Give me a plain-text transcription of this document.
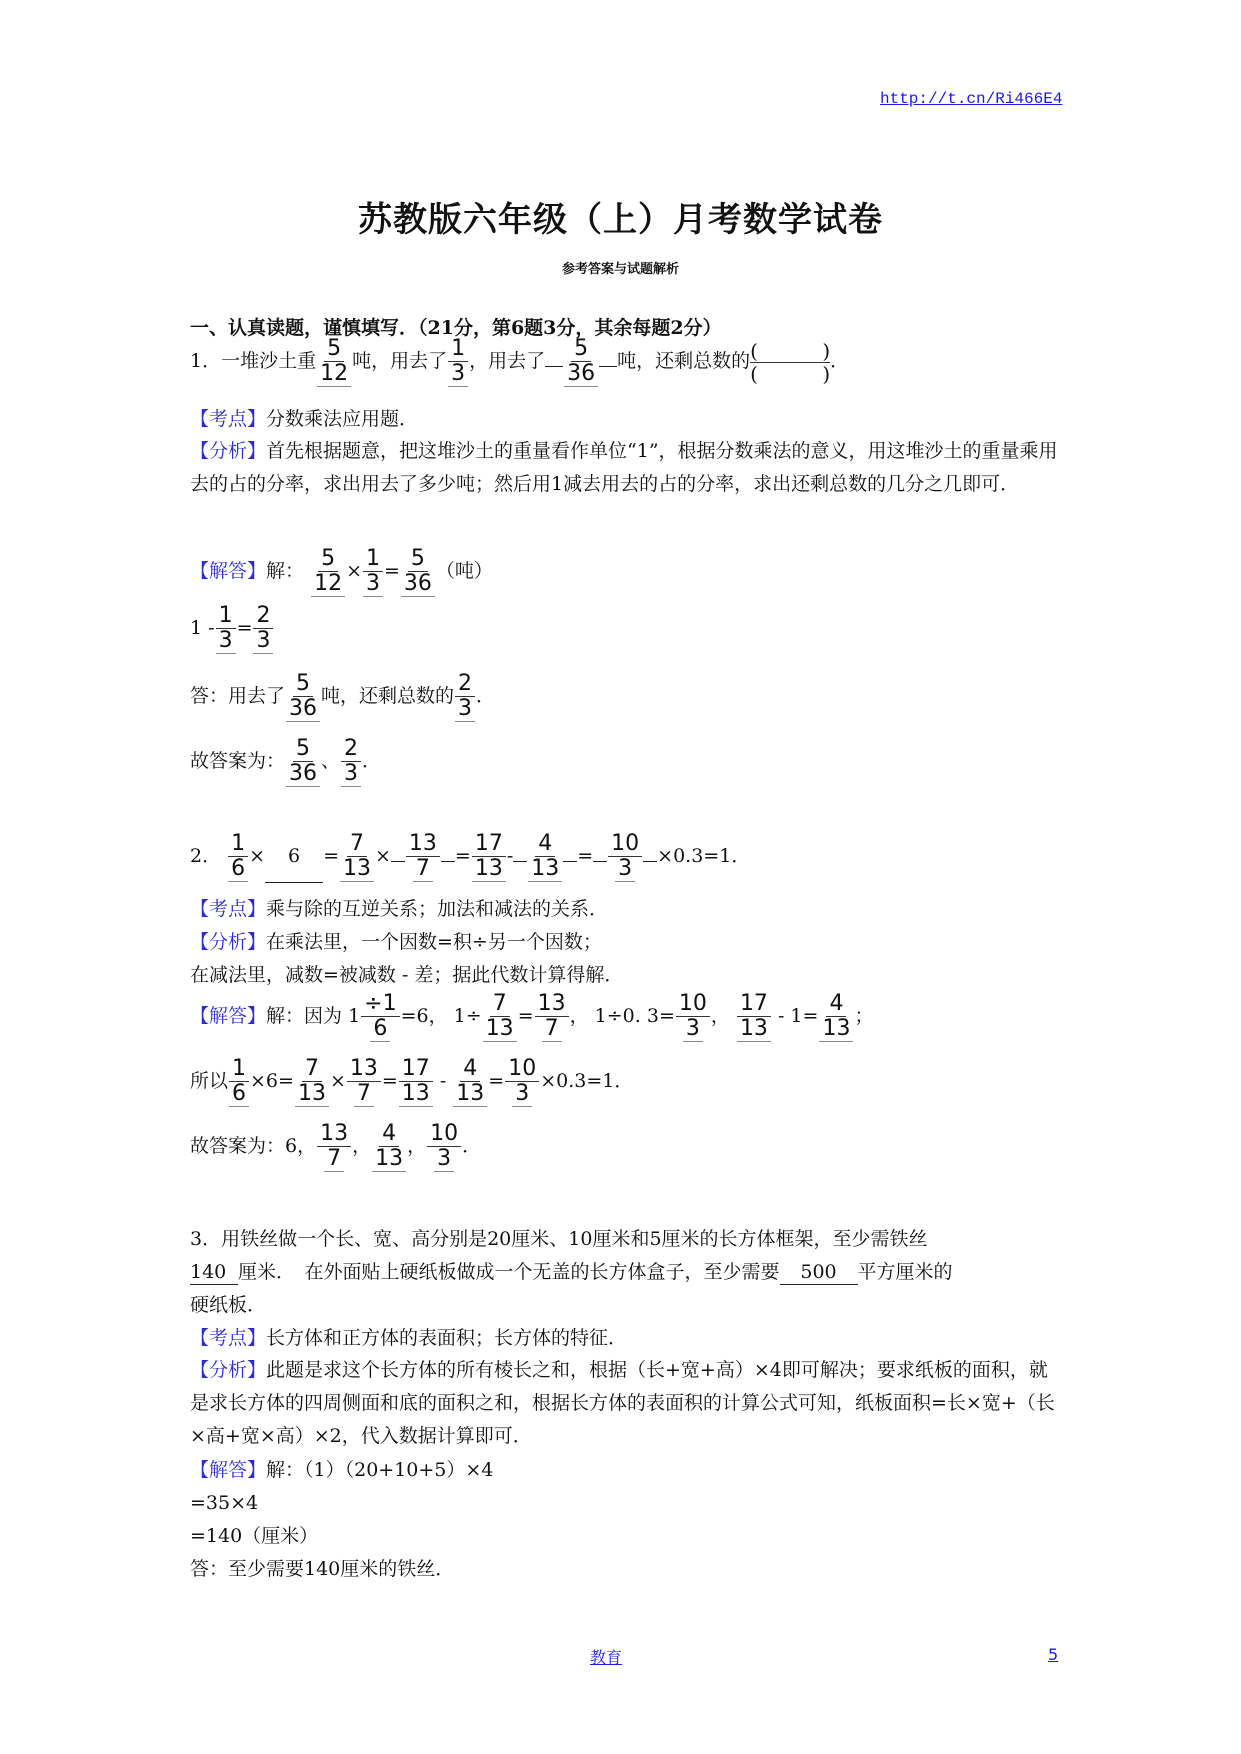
http://t.cn/Ri466E4
苏教版六年级（上）月考数学试卷
参考答案与试题解析
一、认真读题，谨慎填写．（21分，第6题3分，其余每题2分）
1．一堆沙土重 $\frac{5}{12}$ 吨，用去了 $\frac{1}{3}$ ，用去了 $\frac{5}{36}$ 吨，还剩总数的 (	)
(	)
．
【考点】分数乘法应用题．
【分析】首先根据题意，把这堆沙土的重量看作单位“1”，根据分数乘法的意义，用这堆沙土的重量乘用去的占的分率，求出用去了多少吨；然后用1减去用去的占的分率，求出还剩总数的几分之几即可．
【解答】解： $\frac{5}{12} \times \frac{1}{3} = \frac{5}{36}$ （吨）
$1 - \frac{1}{3} = \frac{2}{3}$
答：用去了 $\frac{5}{36}$ 吨，还剩总数的 $\frac{2}{3}$ ．
故答案为： $\frac{5}{36}$ 、 $\frac{2}{3}$ ．
2． $\frac{1}{6} \times 6 = \frac{7}{13} \times \frac{13}{7} = \frac{17}{13} - \frac{4}{13} = \frac{10}{3} \times 0.3=1$．
【考点】乘与除的互逆关系；加法和减法的关系．
【分析】在乘法里，一个因数=积÷另一个因数；
在减法里，减数=被减数 - 差；据此代数计算得解．
【解答】解：因为 $1 \frac{\div 1}{6} =6$， $1\div \frac{7}{13} = \frac{13}{7}$ ， 1÷0. $3= \frac{10}{3}$ ， $\frac{17}{13} - 1= \frac{4}{13}$ ；
所以 $\frac{1}{6} \times 6= \frac{7}{13} \times \frac{13}{7} = \frac{17}{13} - \frac{4}{13} = \frac{10}{3} \times 0.3=1$．
故答案为：6， $\frac{13}{7}$ ， $\frac{4}{13}$ ， $\frac{10}{3}$ ．
3．用铁丝做一个长、宽、高分别是20厘米、10厘米和5厘米的长方体框架，至少需铁丝
140 厘米．　在外面贴上硬纸板做成一个无盖的长方体盒子，至少需要 500 平方厘米的
硬纸板．
【考点】长方体和正方体的表面积；长方体的特征．
【分析】此题是求这个长方体的所有棱长之和，根据（长+宽+高）×4即可解决；要求纸板的面积，就是求长方体的四周侧面和底的面积之和，根据长方体的表面积的计算公式可知，纸板面积=长×宽+（长×高+宽×高）×2，代入数据计算即可．
【解答】解：（1）（20+10+5）×4
=35×4
=140（厘米）
答：至少需要140厘米的铁丝．
教育	5
